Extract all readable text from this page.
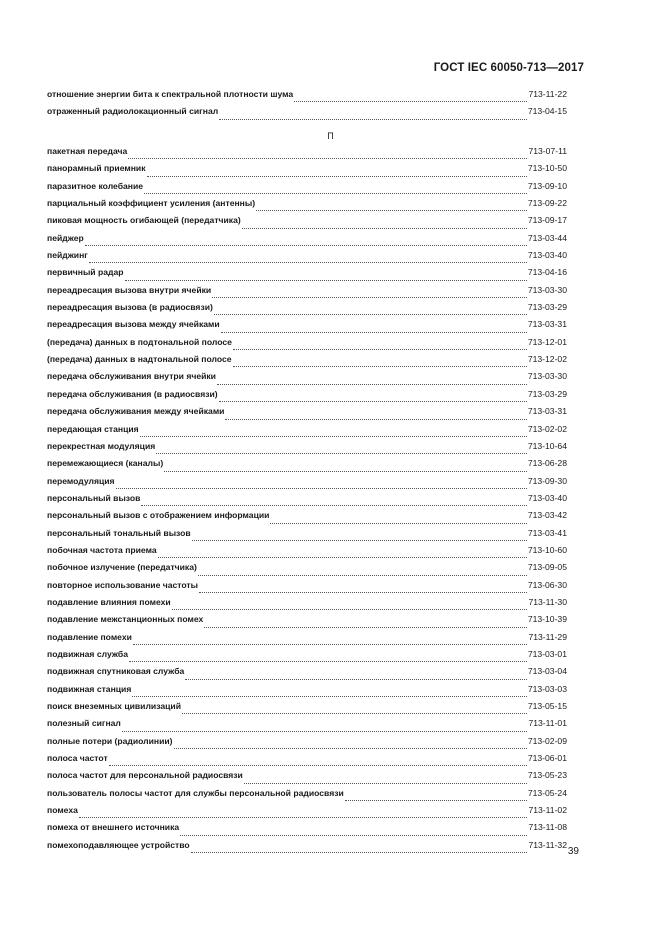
ГОСТ IEC 60050-713—2017
отношение энергии бита к спектральной плотности шума	713-11-22
отраженный радиолокационный сигнал	713-04-15
П
пакетная передача	713-07-11
панорамный приемник	713-10-50
паразитное колебание	713-09-10
парциальный коэффициент усиления (антенны)	713-09-22
пиковая мощность огибающей (передатчика)	713-09-17
пейджер	713-03-44
пейджинг	713-03-40
первичный радар	713-04-16
переадресация вызова внутри ячейки	713-03-30
переадресация вызова (в радиосвязи)	713-03-29
переадресация вызова между ячейками	713-03-31
(передача) данных в подтональной полосе	713-12-01
(передача) данных в надтональной полосе	713-12-02
передача обслуживания внутри ячейки	713-03-30
передача обслуживания (в радиосвязи)	713-03-29
передача обслуживания между ячейками	713-03-31
передающая станция	713-02-02
перекрестная модуляция	713-10-64
перемежающиеся (каналы)	713-06-28
перемодуляция	713-09-30
персональный вызов	713-03-40
персональный вызов с отображением информации	713-03-42
персональный тональный вызов	713-03-41
побочная частота приема	713-10-60
побочное излучение (передатчика)	713-09-05
повторное использование частоты	713-06-30
подавление влияния помехи	713-11-30
подавление межстанционных помех	713-10-39
подавление помехи	713-11-29
подвижная служба	713-03-01
подвижная спутниковая служба	713-03-04
подвижная станция	713-03-03
поиск внеземных цивилизаций	713-05-15
полезный сигнал	713-11-01
полные потери (радиолинии)	713-02-09
полоса частот	713-06-01
полоса частот для персональной радиосвязи	713-05-23
пользователь полосы частот для службы персональной радиосвязи	713-05-24
помеха	713-11-02
помеха от внешнего источника	713-11-08
помехоподавляющее устройство	713-11-32
39
